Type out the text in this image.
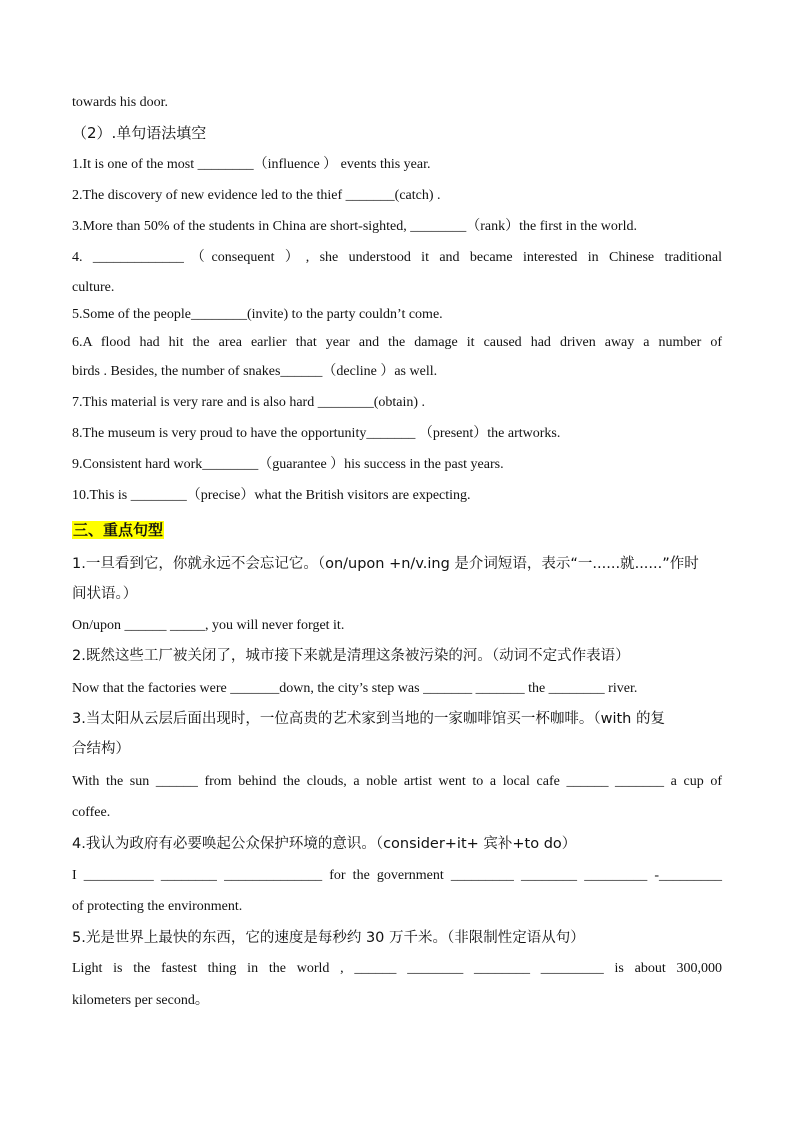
towards his door.
（2）.单句语法填空
1.It is one of the most ________（influence ） events this year.
2.The discovery of new evidence led to the thief _______(catch) .
3.More than 50% of the students in China are short-sighted, ________（rank）the first in the world.
4. _____________（consequent ）, she understood it and became interested in Chinese traditional
culture.
5.Some of the people________(invite) to the party couldn’t come.
6.A flood had hit the area earlier that year and the damage it caused had driven away a number of
birds . Besides, the number of snakes______（decline ）as well.
7.This material is very rare and is also hard ________(obtain) .
8.The museum is very proud to have the opportunity_______ （present）the artworks.
9.Consistent hard work________（guarantee ）his success in the past years.
10.This is ________（precise）what the British visitors are expecting.
三、重点句型
1.一旦看到它，你就永远不会忘记它。（on/upon +n/v.ing 是介词短语，表示“一......就......”作时
间状语。）
On/upon ______ _____, you will never forget it.
2.既然这些工厂被关闭了，城市接下来就是清理这条被污染的河。（动词不定式作表语）
Now that the factories were _______down, the city’s step was _______ _______ the ________ river.
3.当太阳从云层后面出现时，一位高贵的艺术家到当地的一家咖啡馆买一杯咖啡。（with 的复
合结构）
With the sun ______ from behind the clouds, a noble artist went to a local cafe ______ _______ a cup of
coffee.
4.我认为政府有必要唤起公众保护环境的意识。（consider+it+ 宾补+to do）
I __________ ________ ______________ for the government _________ ________ _________ -_________
of protecting the environment.
5.光是世界上最快的东西，它的速度是每秒约 30 万千米。（非限制性定语从句）
Light is the fastest thing in the world , ______ ________ ________ _________ is about 300,000
kilometers per second。
